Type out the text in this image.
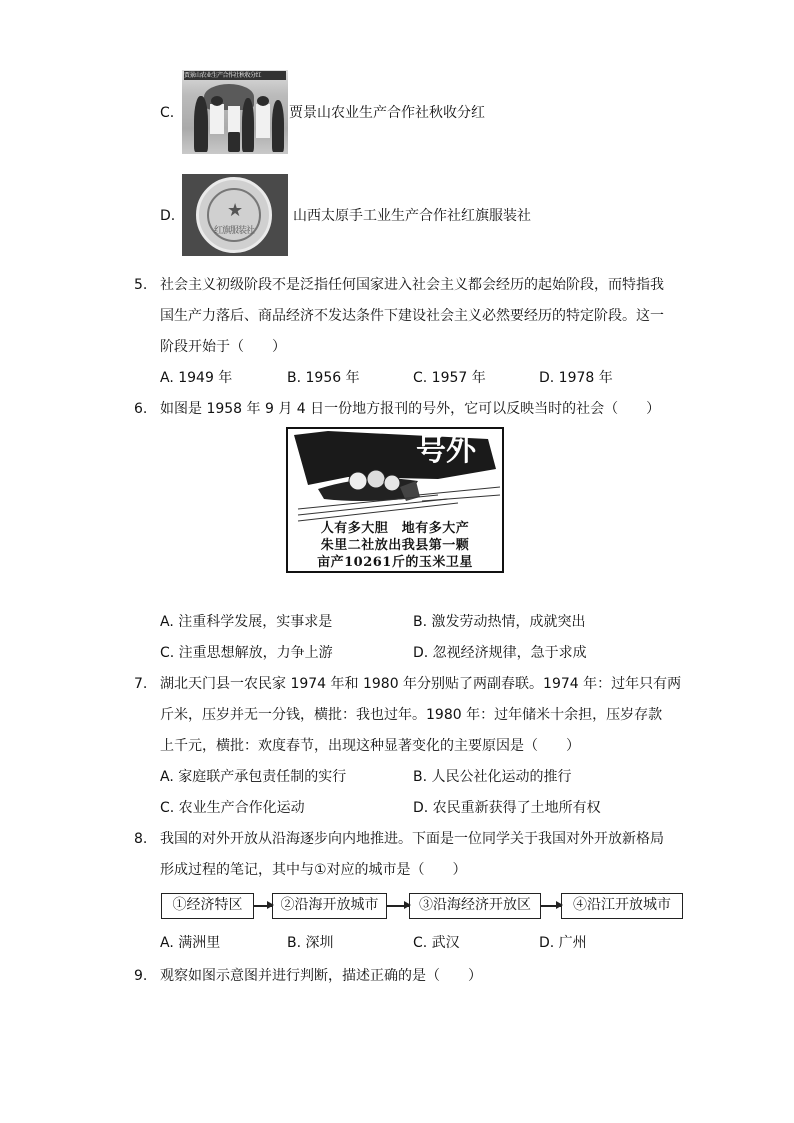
C.
贾景山农业生产合作社秋收分红
贾景山农业生产合作社秋收分红
D.	★
红旗服装社
山西太原手工业生产合作社红旗服装社
5. 社会主义初级阶段不是泛指任何国家进入社会主义都会经历的起始阶段，而特指我
国生产力落后、商品经济不发达条件下建设社会主义必然要经历的特定阶段。这一
阶段开始于（　　）
A. 1949 年	B. 1956 年	C. 1957 年	D. 1978 年
6. 如图是 1958 年 9 月 4 日一份地方报刊的号外，它可以反映当时的社会（　　）
号外
人有多大胆　地有多大产
朱里二社放出我县第一颗
亩产10261斤的玉米卫星
A. 注重科学发展，实事求是	B. 激发劳动热情，成就突出
C. 注重思想解放，力争上游	D. 忽视经济规律，急于求成
7. 湖北天门县一农民家 1974 年和 1980 年分别贴了两副春联。1974 年：过年只有两
斤米，压岁并无一分钱，横批：我也过年。1980 年：过年储米十余担，压岁存款
上千元，横批：欢度春节，出现这种显著变化的主要原因是（　　）
A. 家庭联产承包责任制的实行	B. 人民公社化运动的推行
C. 农业生产合作化运动	D. 农民重新获得了土地所有权
8. 我国的对外开放从沿海逐步向内地推进。下面是一位同学关于我国对外开放新格局
形成过程的笔记，其中与①对应的城市是（　　）
①经济特区	②沿海开放城市	③沿海经济开放区	④沿江开放城市
A. 满洲里	B. 深圳	C. 武汉	D. 广州
9. 观察如图示意图并进行判断，描述正确的是（　　）
